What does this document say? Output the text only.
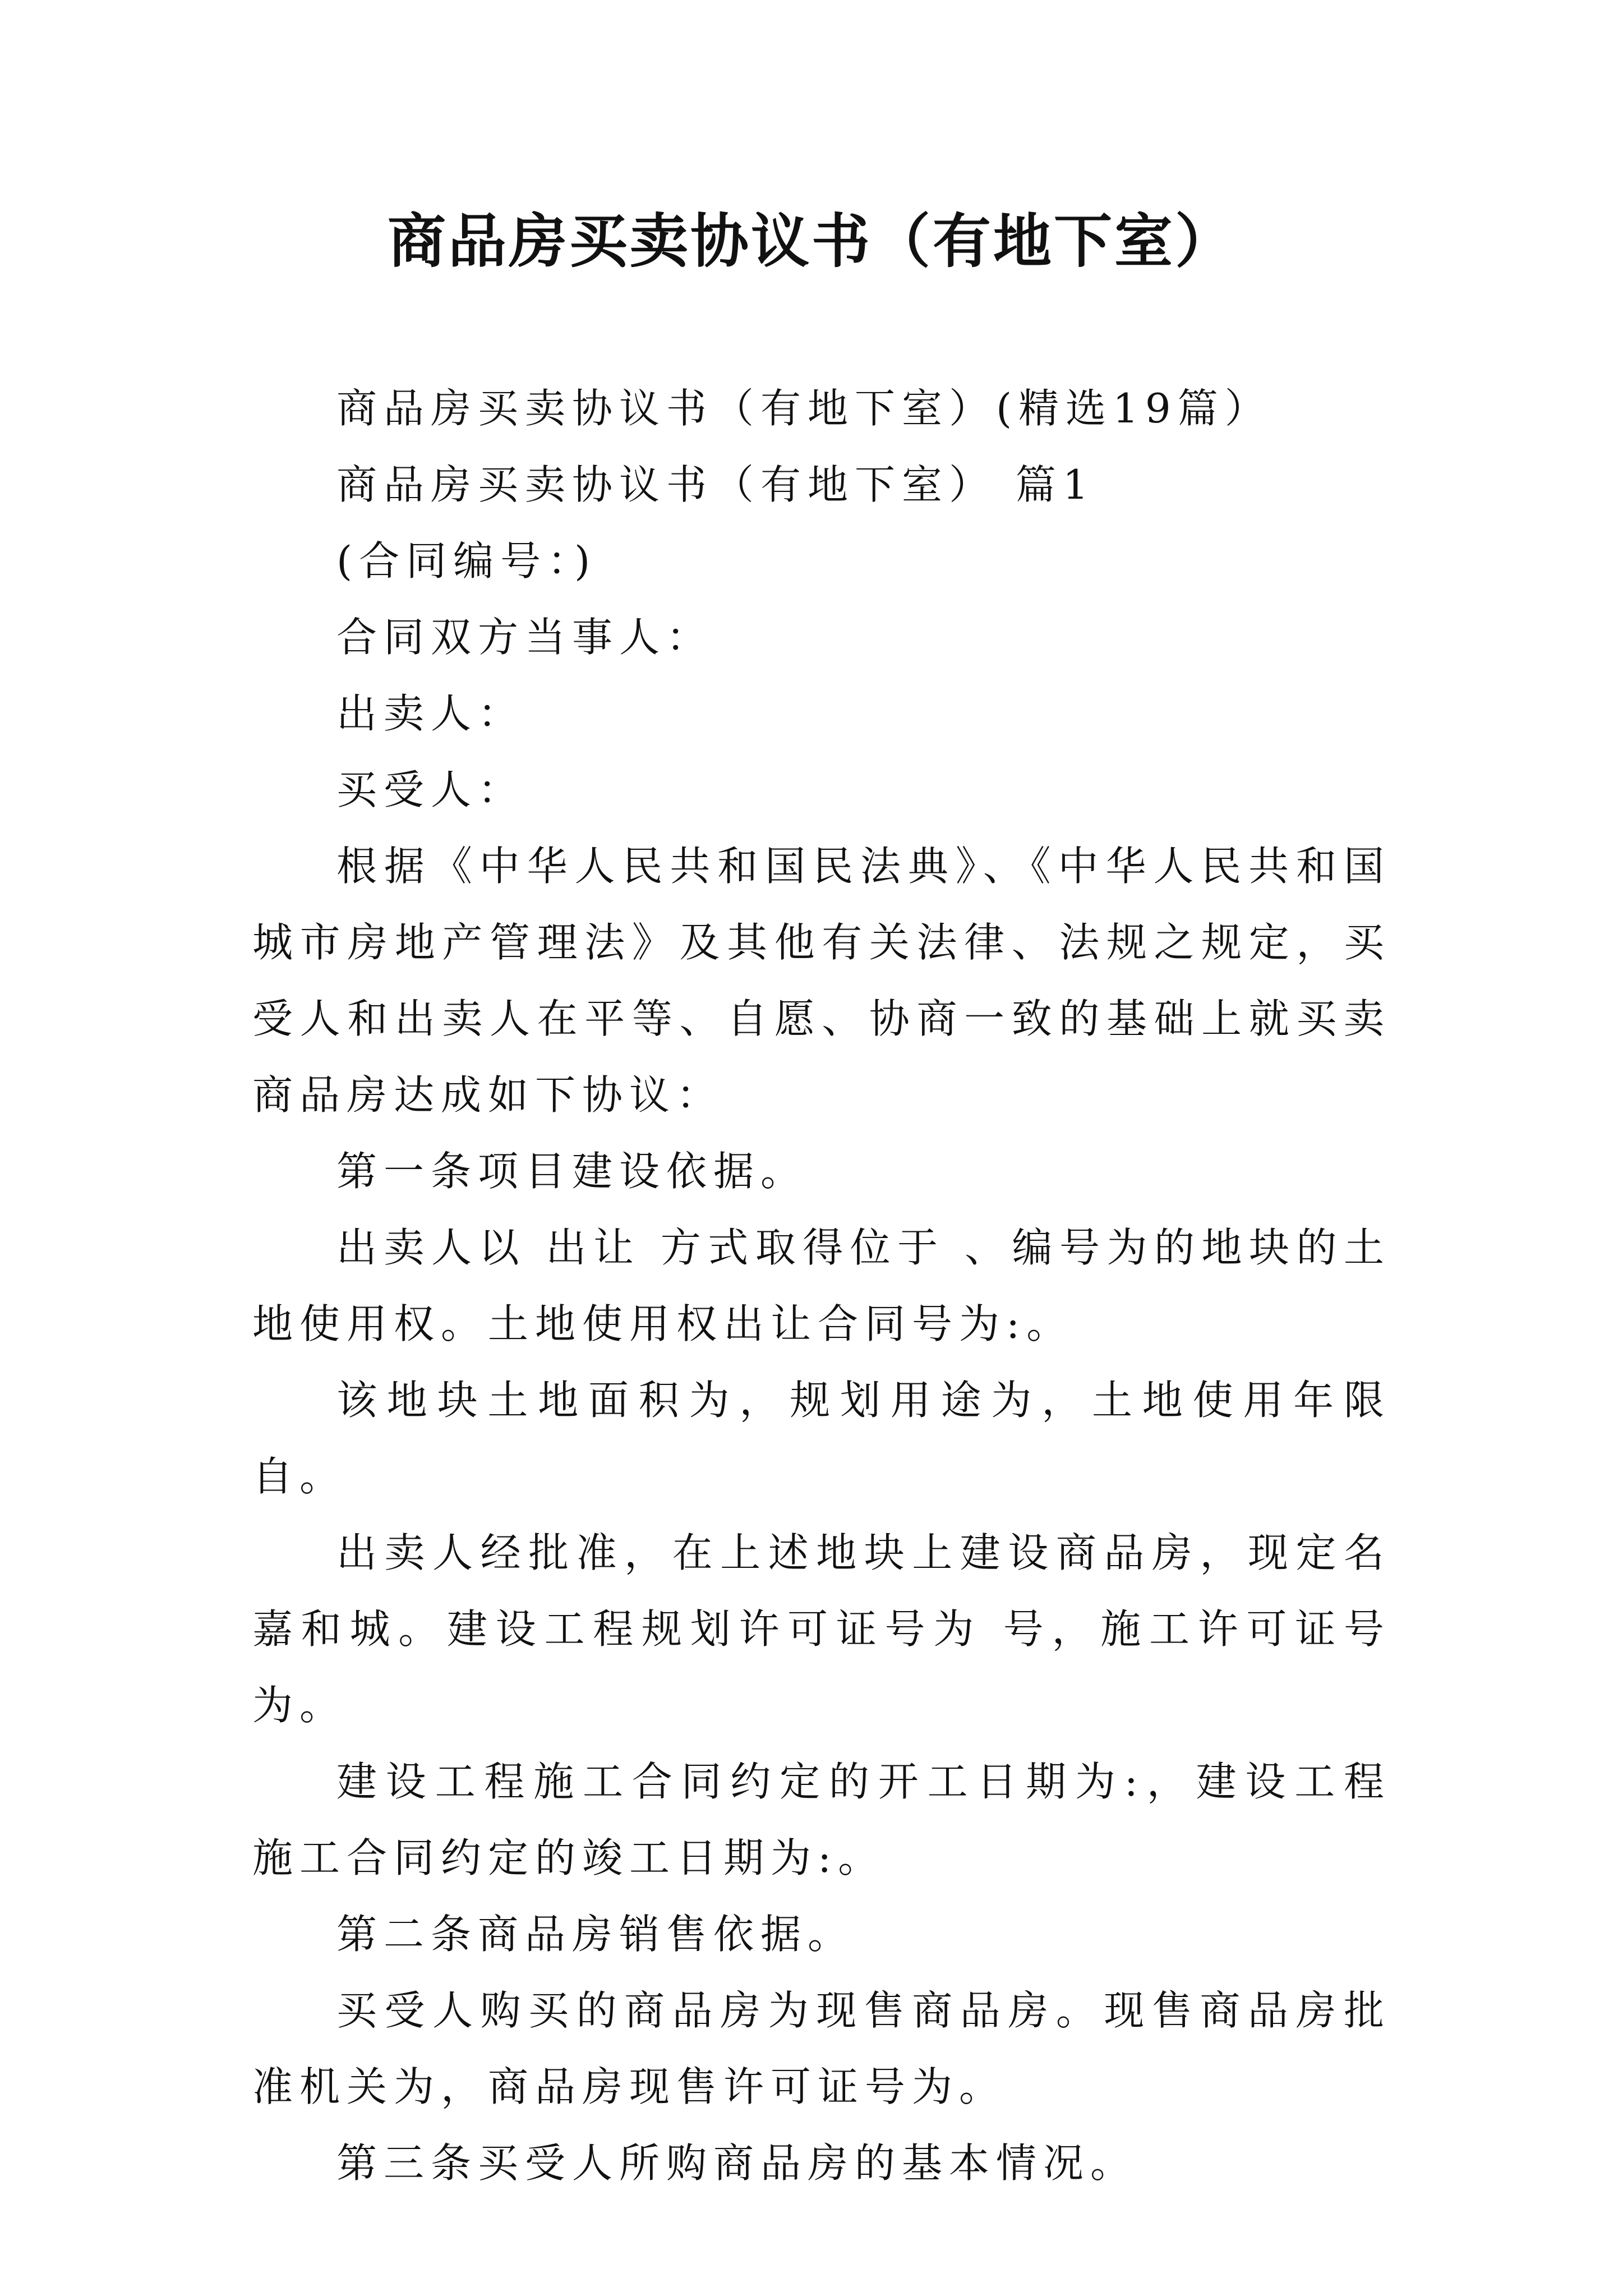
商品房买卖协议书（有地下室）

商品房买卖协议书（有地下室）(精选19篇）

商品房买卖协议书（有地下室） 篇1

(合同编号：)

合同双方当事人：

出卖人：

买受人：

根据《中华人民共和国民法典》、《中华人民共和国城市房地产管理法》及其他有关法律、法规之规定，买受人和出卖人在平等、自愿、协商一致的基础上就买卖商品房达成如下协议：

第一条项目建设依据。

出卖人以 出让 方式取得位于 、编号为的地块的土地使用权。土地使用权出让合同号为:。

该地块土地面积为，规划用途为，土地使用年限自。

出卖人经批准，在上述地块上建设商品房，现定名 嘉和城。建设工程规划许可证号为 号，施工许可证号为。

建设工程施工合同约定的开工日期为:，建设工程施工合同约定的竣工日期为:。

第二条商品房销售依据。

买受人购买的商品房为现售商品房。现售商品房批准机关为，商品房现售许可证号为。

第三条买受人所购商品房的基本情况。
